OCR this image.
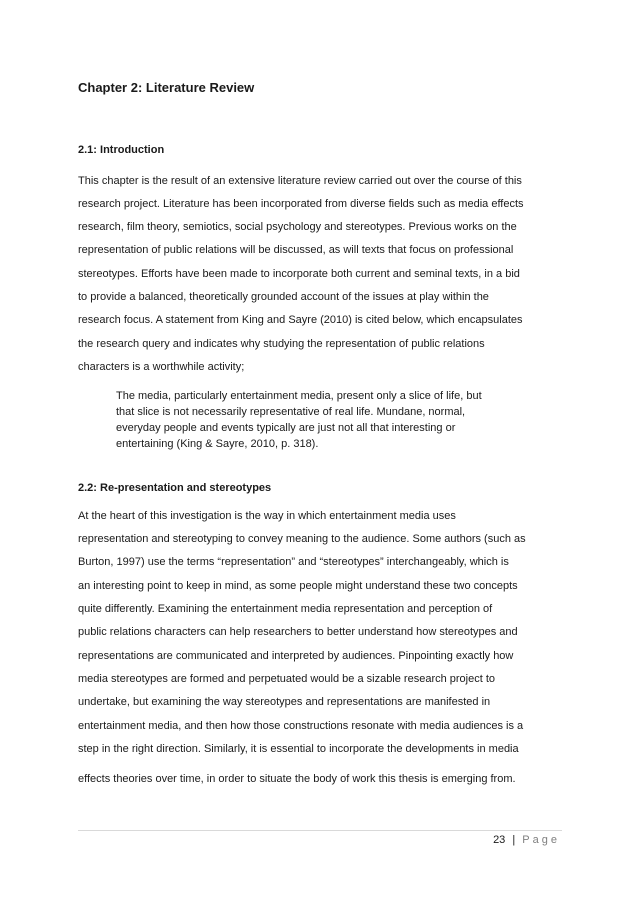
Chapter 2: Literature Review
2.1: Introduction
This chapter is the result of an extensive literature review carried out over the course of this
research project. Literature has been incorporated from diverse fields such as media effects
research, film theory, semiotics, social psychology and stereotypes. Previous works on the
representation of public relations will be discussed, as will texts that focus on professional
stereotypes. Efforts have been made to incorporate both current and seminal texts, in a bid
to provide a balanced, theoretically grounded account of the issues at play within the
research focus. A statement from King and Sayre (2010) is cited below, which encapsulates
the research query and indicates why studying the representation of public relations
characters is a worthwhile activity;
The media, particularly entertainment media, present only a slice of life, but
that slice is not necessarily representative of real life. Mundane, normal,
everyday people and events typically are just not all that interesting or
entertaining (King & Sayre, 2010, p. 318).
2.2: Re-presentation and stereotypes
At the heart of this investigation is the way in which entertainment media uses
representation and stereotyping to convey meaning to the audience. Some authors (such as
Burton, 1997) use the terms “representation” and “stereotypes” interchangeably, which is
an interesting point to keep in mind, as some people might understand these two concepts
quite differently. Examining the entertainment media representation and perception of
public relations characters can help researchers to better understand how stereotypes and
representations are communicated and interpreted by audiences. Pinpointing exactly how
media stereotypes are formed and perpetuated would be a sizable research project to
undertake, but examining the way stereotypes and representations are manifested in
entertainment media, and then how those constructions resonate with media audiences is a
step in the right direction. Similarly, it is essential to incorporate the developments in media
effects theories over time, in order to situate the body of work this thesis is emerging from.
23 | Page
